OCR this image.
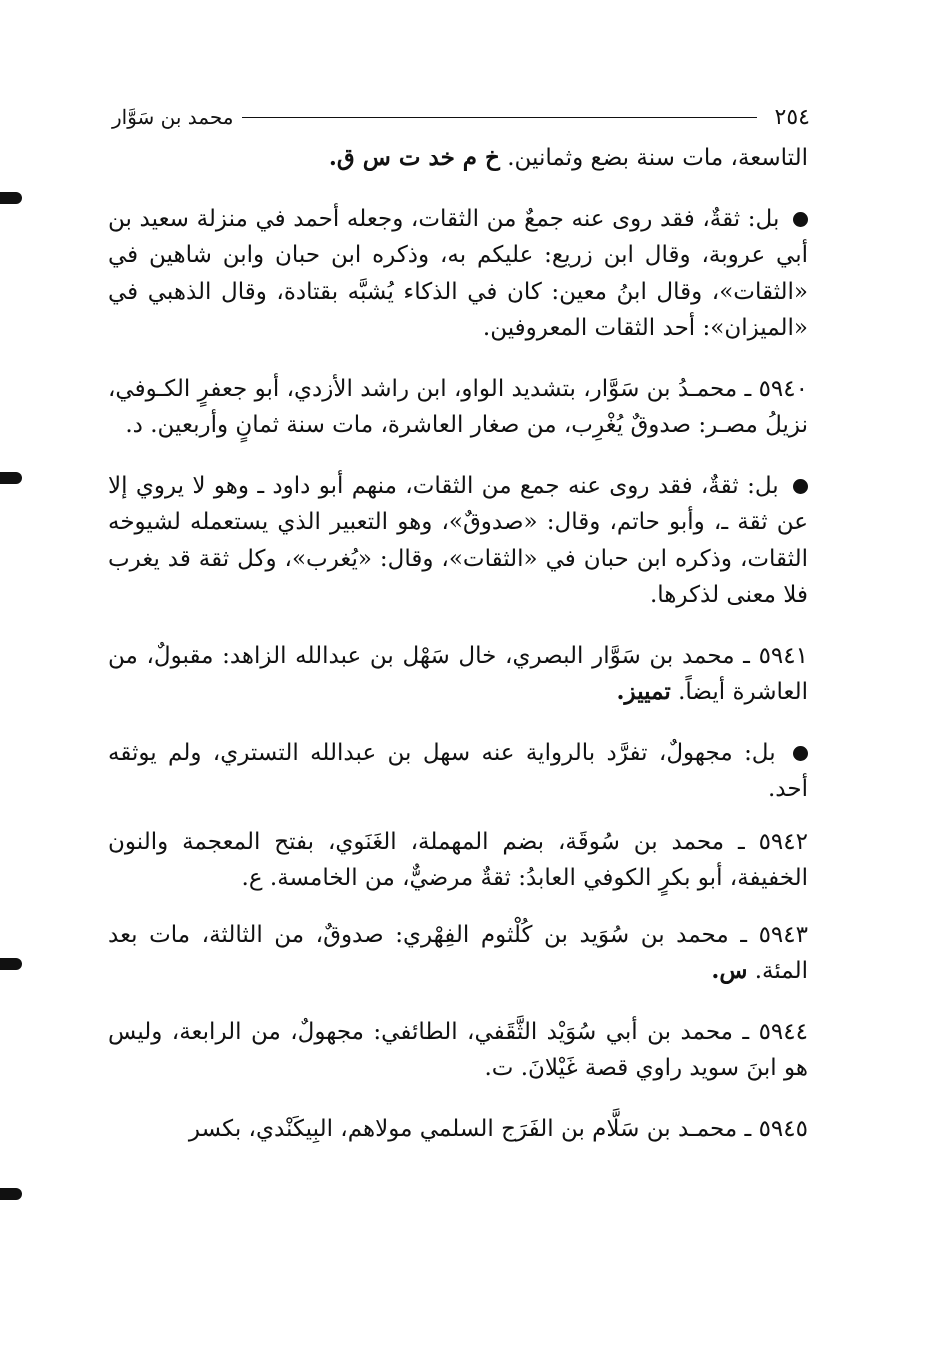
٢٥٤
محمد بن سَوَّار

التاسعة، مات سنة بضع وثمانين. خ م خد ت س ق.

بل: ثقةٌ، فقد روى عنه جمعٌ من الثقات، وجعله أحمد في منزلة سعيد بن أبي عروبة، وقال ابن زريع: عليكم به، وذكره ابن حبان وابن شاهين في «الثقات»، وقال ابنُ معين: كان في الذكاء يُشبَّه بقتادة، وقال الذهبي في «الميزان»: أحد الثقات المعروفين.

٥٩٤٠ ـ محمـدُ بن سَوَّار، بتشديد الواو، ابن راشد الأزدي، أبو جعفرٍ الكـوفي، نزيلُ مصـر: صدوقٌ يُغْرِب، من صغار العاشرة، مات سنة ثمانٍ وأربعين. د.

بل: ثقةٌ، فقد روى عنه جمع من الثقات، منهم أبو داود ـ وهو لا يروي إلا عن ثقة ـ، وأبو حاتم، وقال: «صدوقٌ»، وهو التعبير الذي يستعمله لشيوخه الثقات، وذكره ابن حبان في «الثقات»، وقال: «يُغرب»، وكل ثقة قد يغرب فلا معنى لذكرها.

٥٩٤١ ـ محمد بن سَوَّار البصري، خال سَهْل بن عبدالله الزاهد: مقبولٌ، من العاشرة أيضاً. تمييز.

بل: مجهولٌ، تفرَّد بالرواية عنه سهل بن عبدالله التستري، ولم يوثقه أحد.

٥٩٤٢ ـ محمد بن سُوقَة، بضم المهملة، الغَنَوي، بفتح المعجمة والنون الخفيفة، أبو بكرٍ الكوفي العابدُ: ثقةٌ مرضيٌّ، من الخامسة. ع.

٥٩٤٣ ـ محمد بن سُوَيد بن كُلْثوم الفِهْري: صدوقٌ، من الثالثة، مات بعد المئة. س.

٥٩٤٤ ـ محمد بن أبي سُوَيْد الثَّقَفي، الطائفي: مجهولٌ، من الرابعة، وليس هو ابنَ سويد راوي قصة غَيْلانَ. ت.

٥٩٤٥ ـ محمـد بن سَلَّام بن الفَرَج السلمي مولاهم، البِيكَنْدي، بكسر
